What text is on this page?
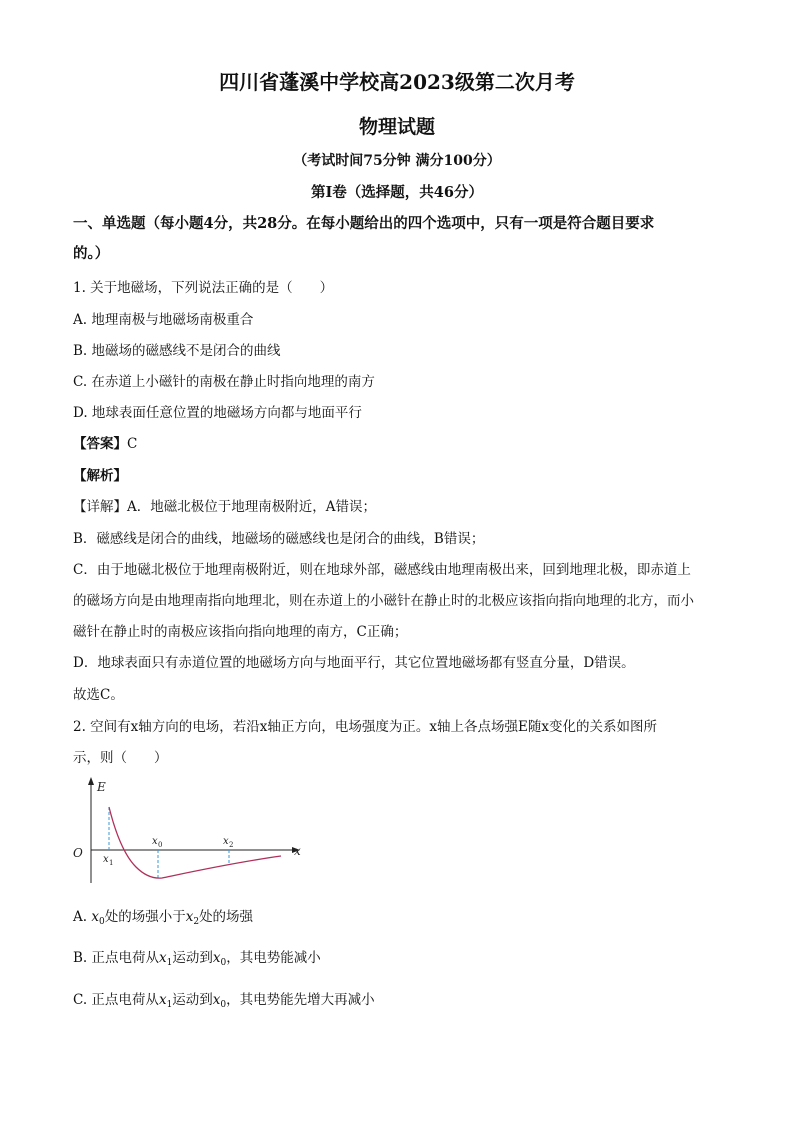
四川省蓬溪中学校高2023级第二次月考
物理试题
（考试时间75分钟 满分100分）
第Ⅰ卷（选择题，共46分）
一、单选题（每小题4分，共28分。在每小题给出的四个选项中，只有一项是符合题目要求
的。）
1. 关于地磁场，下列说法正确的是（　　）
A. 地理南极与地磁场南极重合
B. 地磁场的磁感线不是闭合的曲线
C. 在赤道上小磁针的南极在静止时指向地理的南方
D. 地球表面任意位置的地磁场方向都与地面平行
【答案】C
【解析】
【详解】A．地磁北极位于地理南极附近，A错误；
B．磁感线是闭合的曲线，地磁场的磁感线也是闭合的曲线，B错误；
C．由于地磁北极位于地理南极附近，则在地球外部，磁感线由地理南极出来，回到地理北极，即赤道上
的磁场方向是由地理南指向地理北，则在赤道上的小磁针在静止时的北极应该指向指向地理的北方，而小
磁针在静止时的南极应该指向指向地理的南方，C正确；
D．地球表面只有赤道位置的地磁场方向与地面平行，其它位置地磁场都有竖直分量，D错误。
故选C。
2. 空间有x轴方向的电场，若沿x轴正方向，电场强度为正。x轴上各点场强E随x变化的关系如图所
示，则（　　）
E
x
O x 1
x 0	x 2
A. $x_0$处的场强小于$x_2$处的场强
B. 正点电荷从$x_1$运动到$x_0$，其电势能减小
C. 正点电荷从$x_1$运动到$x_0$，其电势能先增大再减小
